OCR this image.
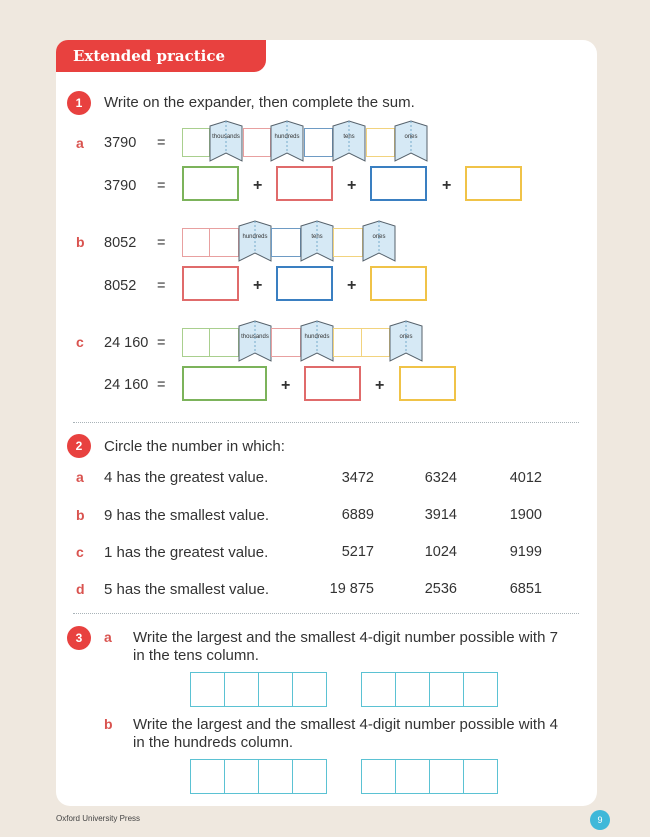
Extended practice
1	Write on the expander, then complete the sum.
a 3790 =	thousands	hundreds	tens	ones
3790 =	+	+	+
b 8052 =	hundreds	tens	ones
8052 =	+	+
c 24 160 =	thousands	hundreds	ones
24 160 =	+	+
2	Circle the number in which:
a 4 has the greatest value.	3472	6324	4012
b 9 has the smallest value.	6889	3914	1900
c 1 has the greatest value.	5217	1024	9199
d 5 has the smallest value.	19 875	2536	6851
3	a Write the largest and the smallest 4-digit number possible with 7
in the tens column.
b Write the largest and the smallest 4-digit number possible with 4
in the hundreds column.
Oxford University Press	9
